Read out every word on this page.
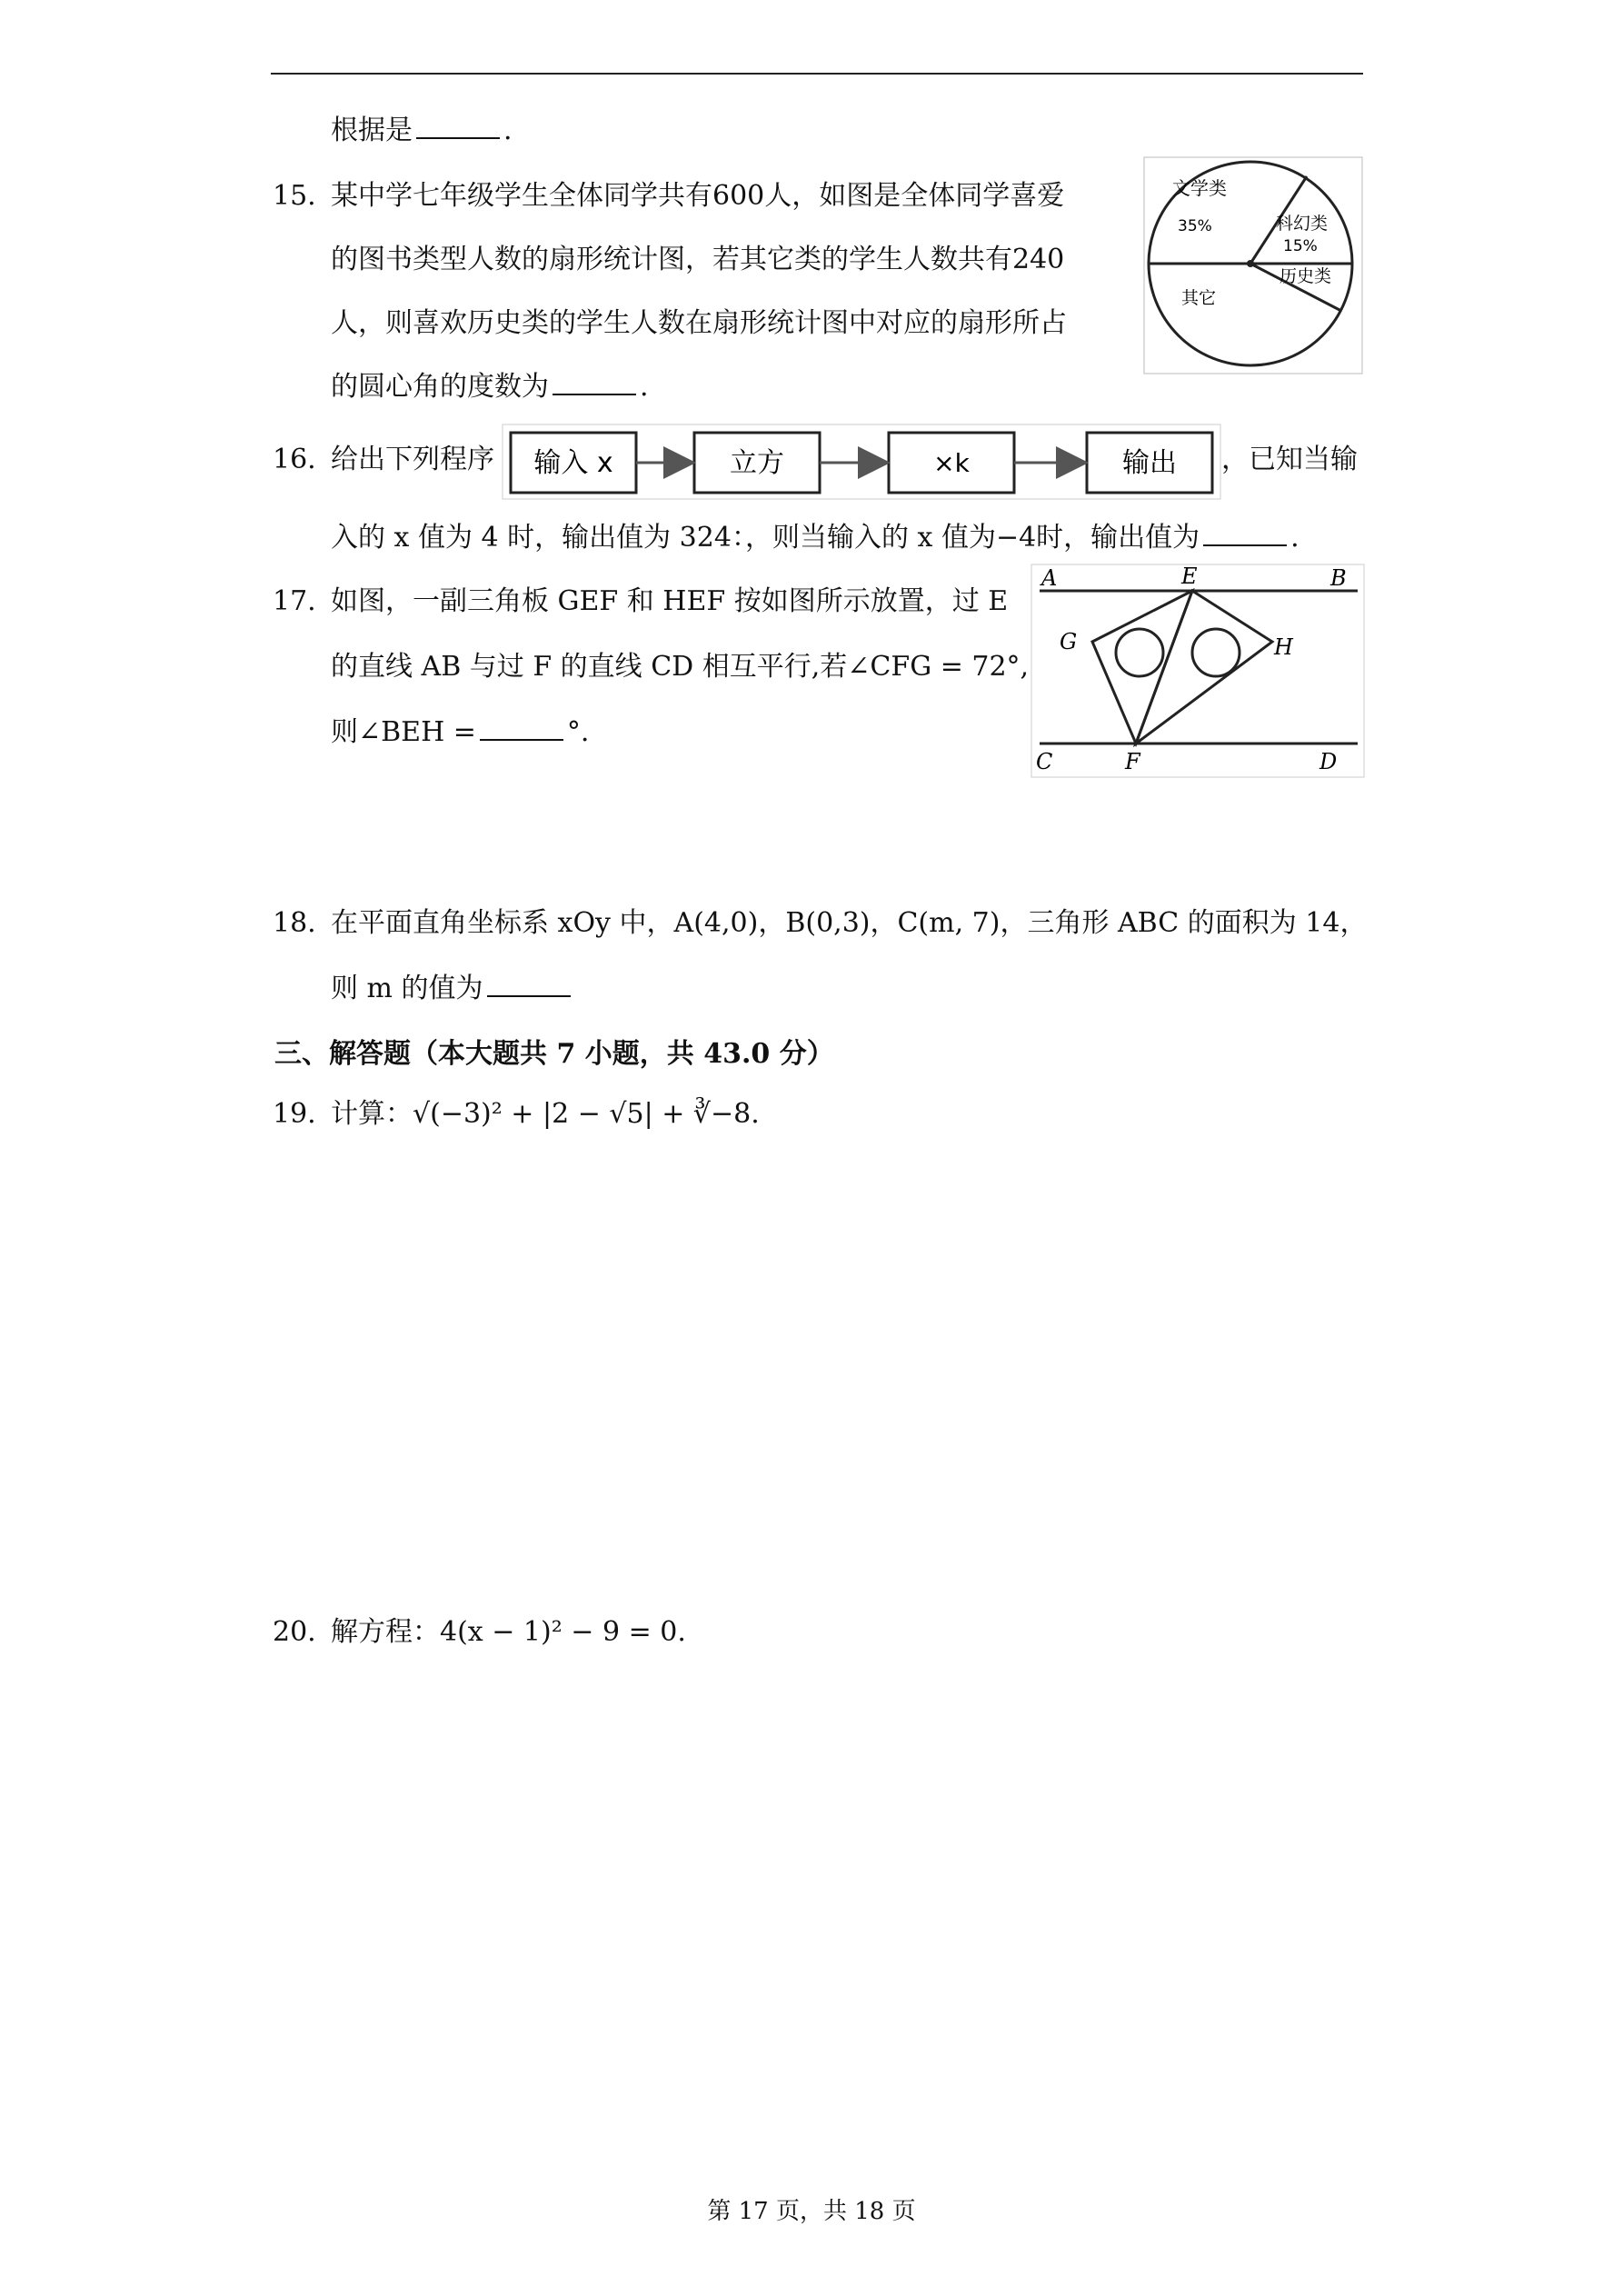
根据是	.
15. 某中学七年级学生全体同学共有600人，如图是全体同学喜爱
的图书类型人数的扇形统计图，若其它类的学生人数共有240
人，则喜欢历史类的学生人数在扇形统计图中对应的扇形所占
的圆心角的度数为	.
文学类
35%	科幻类
15%
历史类
其它
16. 给出下列程序 输入 x	立方	×k	输出 ，已知当输
入的 x 值为 4 时，输出值为 324：，则当输入的 x 值为−4时，输出值为	.
17. 如图，一副三角板 GEF 和 HEF 按如图所示放置，过 E
的直线 AB 与过 F 的直线 CD 相互平行,若∠CFG = 72°,
则∠BEH =	°.
A	E	B
G	H
C	F	D
18. 在平面直角坐标系 xOy 中，A(4,0)，B(0,3)，C(m, 7)，三角形 ABC 的面积为 14，
则 m 的值为
三、解答题（本大题共 7 小题，共 43.0 分）
19. 计算：√(−3)² + |2 − √5| + ∛−8.
20. 解方程：4(x − 1)² − 9 = 0.
第 17 页，共 18 页
